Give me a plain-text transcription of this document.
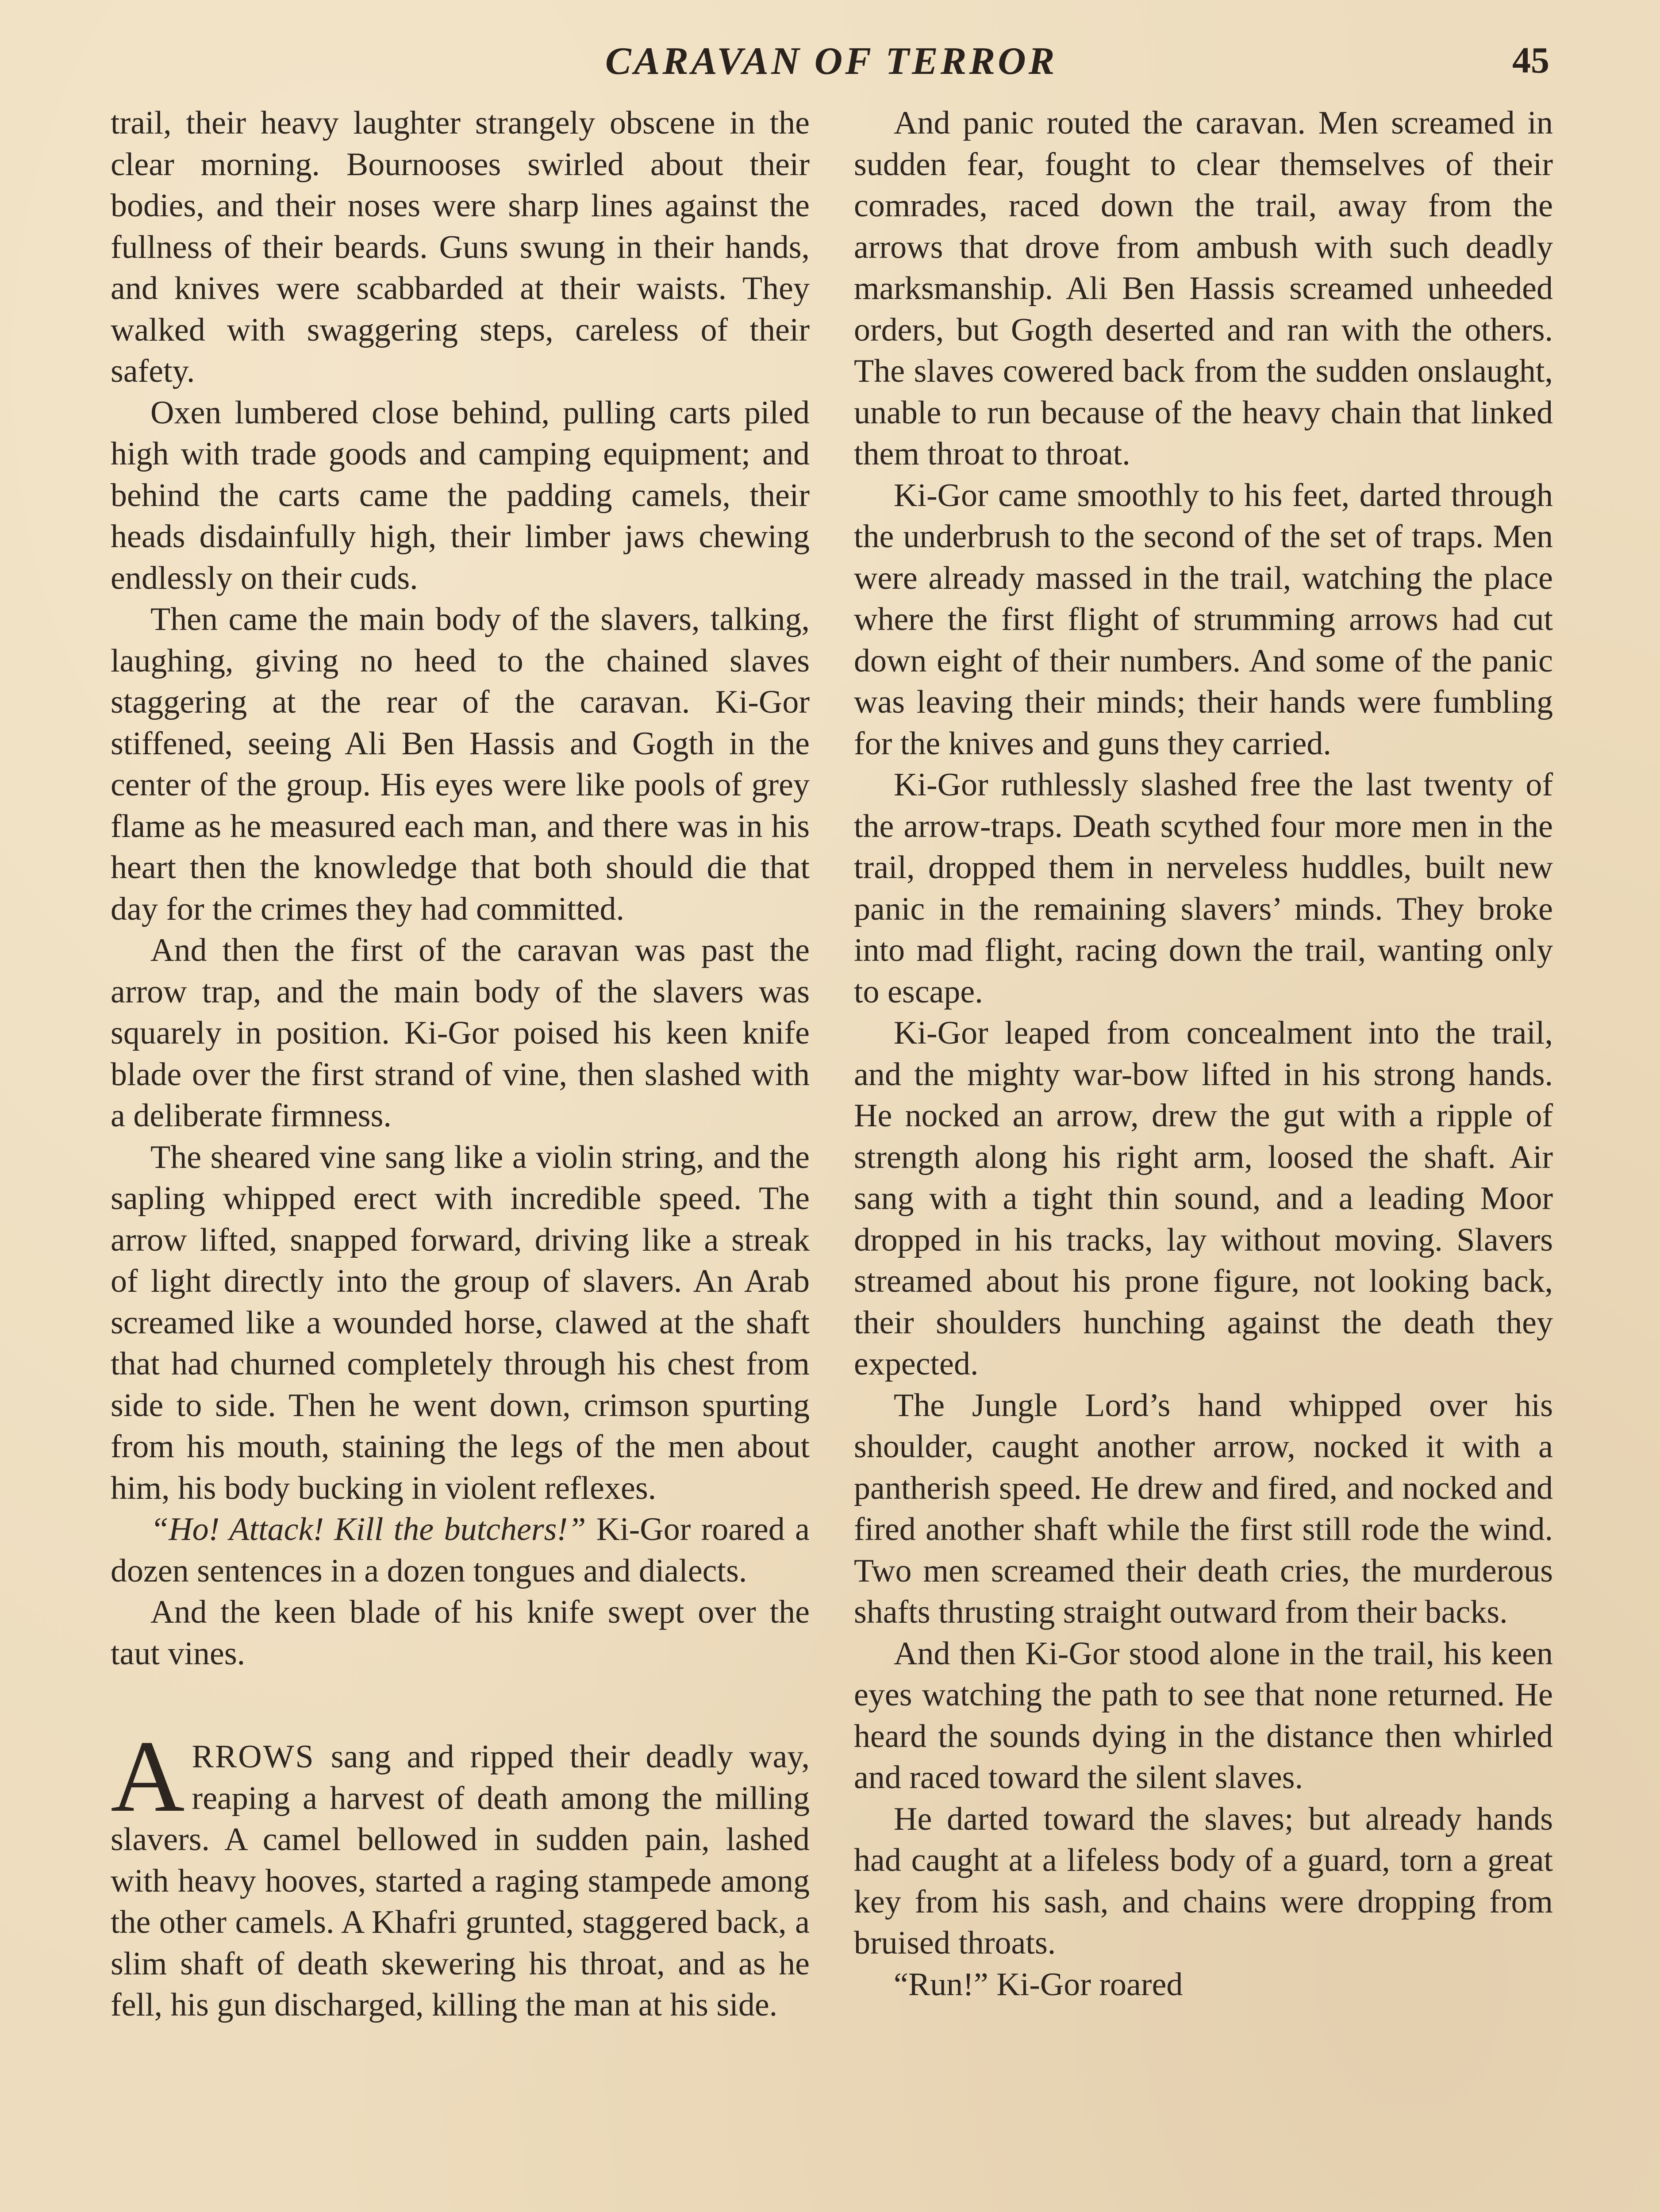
CARAVAN OF TERROR	45

trail, their heavy laughter strangely obscene in the clear morning. Bournooses swirled about their bodies, and their noses were sharp lines against the fullness of their beards. Guns swung in their hands, and knives were scabbarded at their waists. They walked with swaggering steps, careless of their safety.

Oxen lumbered close behind, pulling carts piled high with trade goods and camping equipment; and behind the carts came the padding camels, their heads disdainfully high, their limber jaws chewing endlessly on their cuds.

Then came the main body of the slavers, talking, laughing, giving no heed to the chained slaves staggering at the rear of the caravan. Ki-Gor stiffened, seeing Ali Ben Hassis and Gogth in the center of the group. His eyes were like pools of grey flame as he measured each man, and there was in his heart then the knowledge that both should die that day for the crimes they had committed.

And then the first of the caravan was past the arrow trap, and the main body of the slavers was squarely in position. Ki-Gor poised his keen knife blade over the first strand of vine, then slashed with a deliberate firmness.

The sheared vine sang like a violin string, and the sapling whipped erect with incredible speed. The arrow lifted, snapped forward, driving like a streak of light directly into the group of slavers. An Arab screamed like a wounded horse, clawed at the shaft that had churned completely through his chest from side to side. Then he went down, crimson spurting from his mouth, staining the legs of the men about him, his body bucking in violent reflexes.

“Ho! Attack! Kill the butchers!” Ki-Gor roared a dozen sentences in a dozen tongues and dialects.

And the keen blade of his knife swept over the taut vines.

ARROWS sang and ripped their deadly way, reaping a harvest of death among the milling slavers. A camel bellowed in sudden pain, lashed with heavy hooves, started a raging stampede among the other camels. A Khafri grunted, staggered back, a slim shaft of death skewering his throat, and as he fell, his gun discharged, killing the man at his side.

And panic routed the caravan. Men screamed in sudden fear, fought to clear themselves of their comrades, raced down the trail, away from the arrows that drove from ambush with such deadly marksmanship. Ali Ben Hassis screamed unheeded orders, but Gogth deserted and ran with the others. The slaves cowered back from the sudden onslaught, unable to run because of the heavy chain that linked them throat to throat.

Ki-Gor came smoothly to his feet, darted through the underbrush to the second of the set of traps. Men were already massed in the trail, watching the place where the first flight of strumming arrows had cut down eight of their numbers. And some of the panic was leaving their minds; their hands were fumbling for the knives and guns they carried.

Ki-Gor ruthlessly slashed free the last twenty of the arrow-traps. Death scythed four more men in the trail, dropped them in nerveless huddles, built new panic in the remaining slavers’ minds. They broke into mad flight, racing down the trail, wanting only to escape.

Ki-Gor leaped from concealment into the trail, and the mighty war-bow lifted in his strong hands. He nocked an arrow, drew the gut with a ripple of strength along his right arm, loosed the shaft. Air sang with a tight thin sound, and a leading Moor dropped in his tracks, lay without moving. Slavers streamed about his prone figure, not looking back, their shoulders hunching against the death they expected.

The Jungle Lord’s hand whipped over his shoulder, caught another arrow, nocked it with a pantherish speed. He drew and fired, and nocked and fired another shaft while the first still rode the wind. Two men screamed their death cries, the murderous shafts thrusting straight outward from their backs.

And then Ki-Gor stood alone in the trail, his keen eyes watching the path to see that none returned. He heard the sounds dying in the distance then whirled and raced toward the silent slaves.

He darted toward the slaves; but already hands had caught at a lifeless body of a guard, torn a great key from his sash, and chains were dropping from bruised throats.

“Run!” Ki-Gor roared
